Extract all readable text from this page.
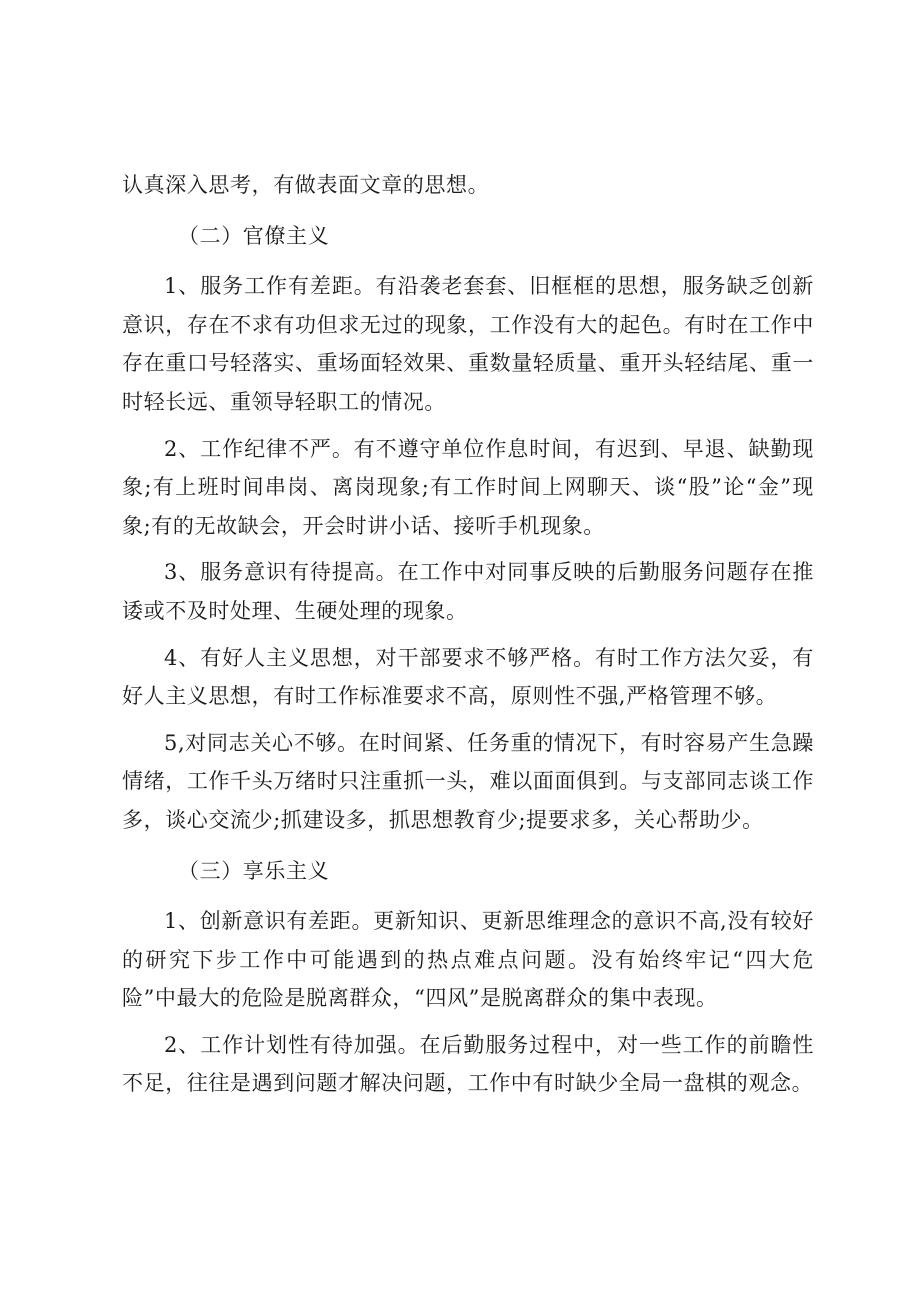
认真深入思考，有做表面文章的思想。

（二）官僚主义

1、服务工作有差距。有沿袭老套套、旧框框的思想，服务缺乏创新意识，存在不求有功但求无过的现象，工作没有大的起色。有时在工作中存在重口号轻落实、重场面轻效果、重数量轻质量、重开头轻结尾、重一时轻长远、重领导轻职工的情况。

2、工作纪律不严。有不遵守单位作息时间，有迟到、早退、缺勤现象;有上班时间串岗、离岗现象;有工作时间上网聊天、谈“股”论“金”现象;有的无故缺会，开会时讲小话、接听手机现象。

3、服务意识有待提高。在工作中对同事反映的后勤服务问题存在推诿或不及时处理、生硬处理的现象。

4、有好人主义思想，对干部要求不够严格。有时工作方法欠妥，有好人主义思想，有时工作标准要求不高，原则性不强,严格管理不够。

5,对同志关心不够。在时间紧、任务重的情况下，有时容易产生急躁情绪，工作千头万绪时只注重抓一头，难以面面俱到。与支部同志谈工作多，谈心交流少;抓建设多，抓思想教育少;提要求多，关心帮助少。

（三）享乐主义

1、创新意识有差距。更新知识、更新思维理念的意识不高,没有较好的研究下步工作中可能遇到的热点难点问题。没有始终牢记“四大危险”中最大的危险是脱离群众，“四风”是脱离群众的集中表现。

2、工作计划性有待加强。在后勤服务过程中，对一些工作的前瞻性不足，往往是遇到问题才解决问题，工作中有时缺少全局一盘棋的观念。
